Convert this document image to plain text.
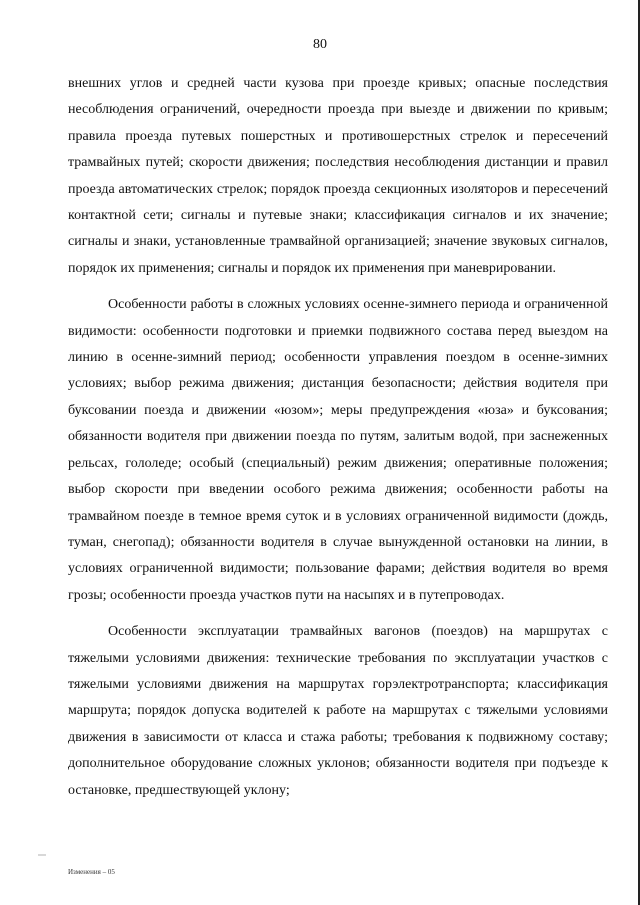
80

внешних углов и средней части кузова при проезде кривых; опасные последствия несоблюдения ограничений, очередности проезда при выезде и движении по кривым; правила проезда путевых пошерстных и противошерстных стрелок и пересечений трамвайных путей; скорости движения; последствия несоблюдения дистанции и правил проезда автоматических стрелок; порядок проезда секционных изоляторов и пересечений контактной сети; сигналы и путевые знаки; классификация сигналов и их значение; сигналы и знаки, установленные трамвайной организацией; значение звуковых сигналов, порядок их применения; сигналы и порядок их применения при маневрировании.

Особенности работы в сложных условиях осенне-зимнего периода и ограниченной видимости: особенности подготовки и приемки подвижного состава перед выездом на линию в осенне-зимний период; особенности управления поездом в осенне-зимних условиях; выбор режима движения; дистанция безопасности; действия водителя при буксовании поезда и движении «юзом»; меры предупреждения «юза» и буксования; обязанности водителя при движении поезда по путям, залитым водой, при заснеженных рельсах, гололеде; особый (специальный) режим движения; оперативные положения; выбор скорости при введении особого режима движения; особенности работы на трамвайном поезде в темное время суток и в условиях ограниченной видимости (дождь, туман, снегопад); обязанности водителя в случае вынужденной остановки на линии, в условиях ограниченной видимости; пользование фарами; действия водителя во время грозы; особенности проезда участков пути на насыпях и в путепроводах.

Особенности эксплуатации трамвайных вагонов (поездов) на маршрутах с тяжелыми условиями движения: технические требования по эксплуатации участков с тяжелыми условиями движения на маршрутах горэлектротранспорта; классификация маршрута; порядок допуска водителей к работе на маршрутах с тяжелыми условиями движения в зависимости от класса и стажа работы; требования к подвижному составу; дополнительное оборудование сложных уклонов; обязанности водителя при подъезде к остановке, предшествующей уклону;

Изменения – 05
